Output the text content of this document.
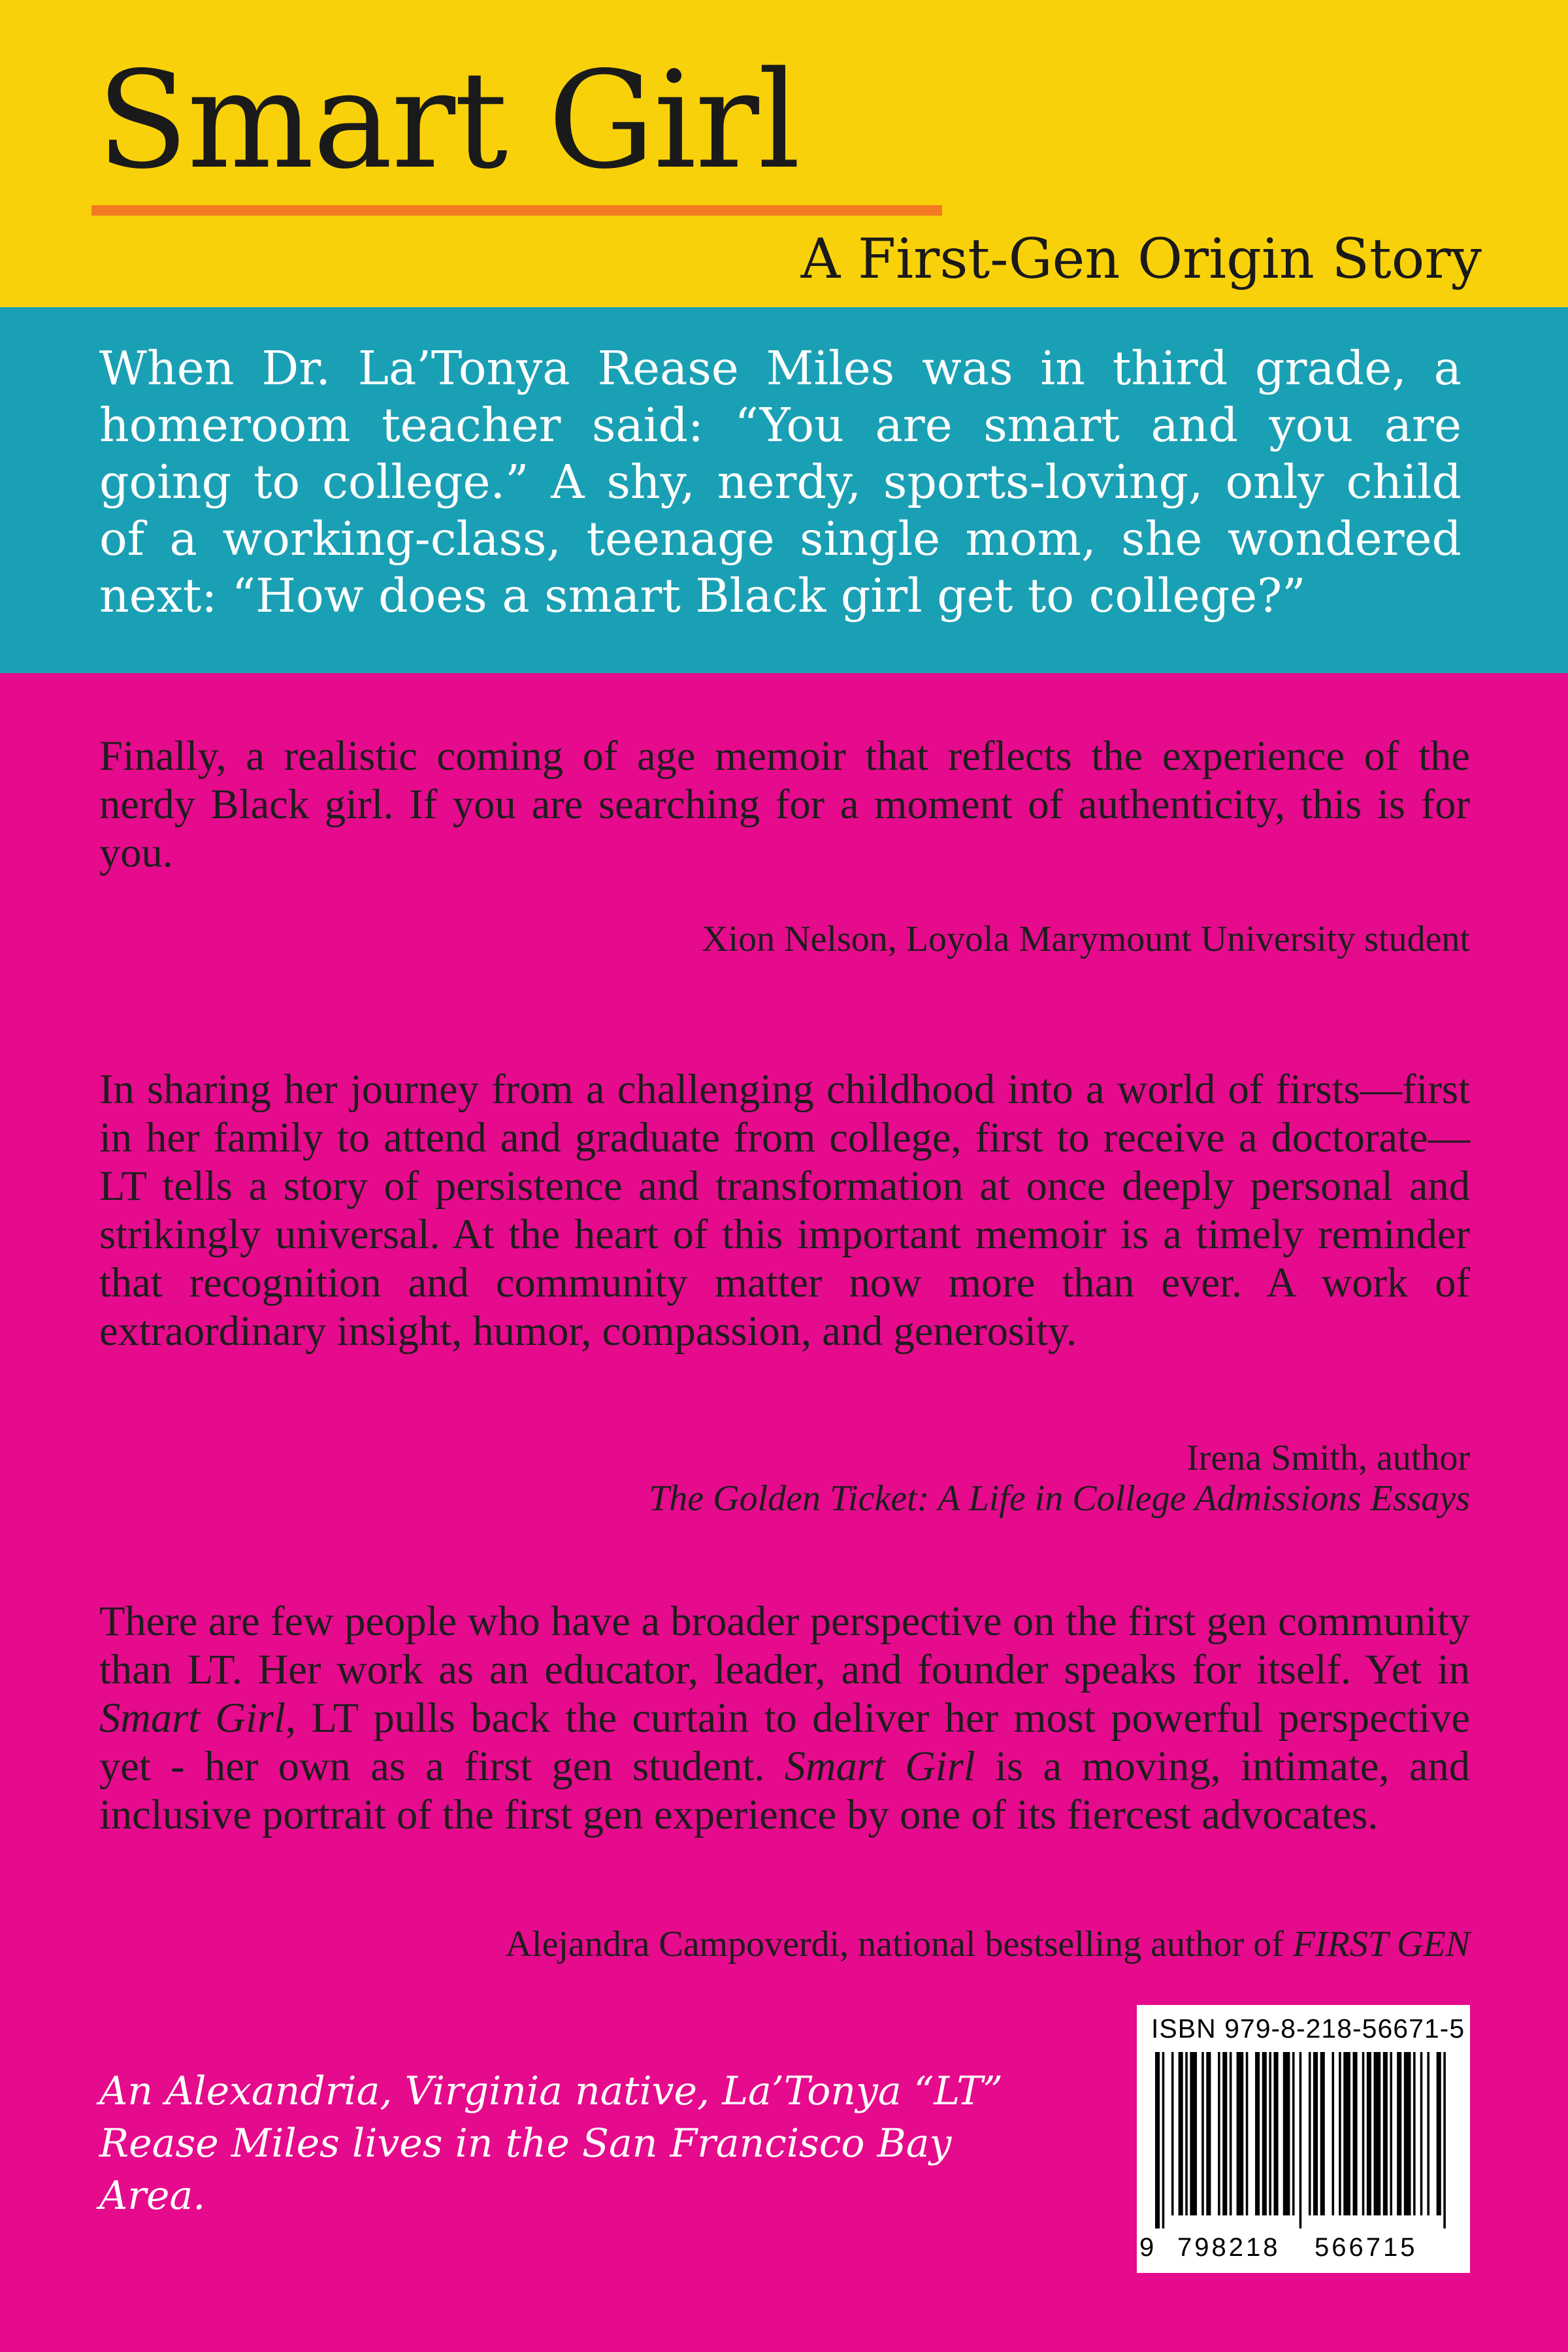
Smart Girl

A First-Gen Origin Story

When Dr. La’Tonya Rease Miles was in third grade, a homeroom teacher said: “You are smart and you are going to college.” A shy, nerdy, sports-loving, only child of a working-class, teenage single mom, she wondered next: “How does a smart Black girl get to college?”

Finally, a realistic coming of age memoir that reflects the experience of the nerdy Black girl. If you are searching for a moment of authenticity, this is for you.

Xion Nelson, Loyola Marymount University student

In sharing her journey from a challenging childhood into a world of firsts—first in her family to attend and graduate from college, first to receive a doctorate—LT tells a story of persistence and transformation at once deeply personal and strikingly universal. At the heart of this important memoir is a timely reminder that recognition and community matter now more than ever. A work of extraordinary insight, humor, compassion, and generosity.

Irena Smith, author
The Golden Ticket: A Life in College Admissions Essays

There are few people who have a broader perspective on the first gen community than LT. Her work as an educator, leader, and founder speaks for itself. Yet in Smart Girl, LT pulls back the curtain to deliver her most powerful perspective yet - her own as a first gen student. Smart Girl is a moving, intimate, and inclusive portrait of the first gen experience by one of its fiercest advocates.

Alejandra Campoverdi, national bestselling author of FIRST GEN

An Alexandria, Virginia native, La’Tonya “LT” Rease Miles lives in the San Francisco Bay Area.

ISBN 979-8-218-56671-5

9 798218 566715
